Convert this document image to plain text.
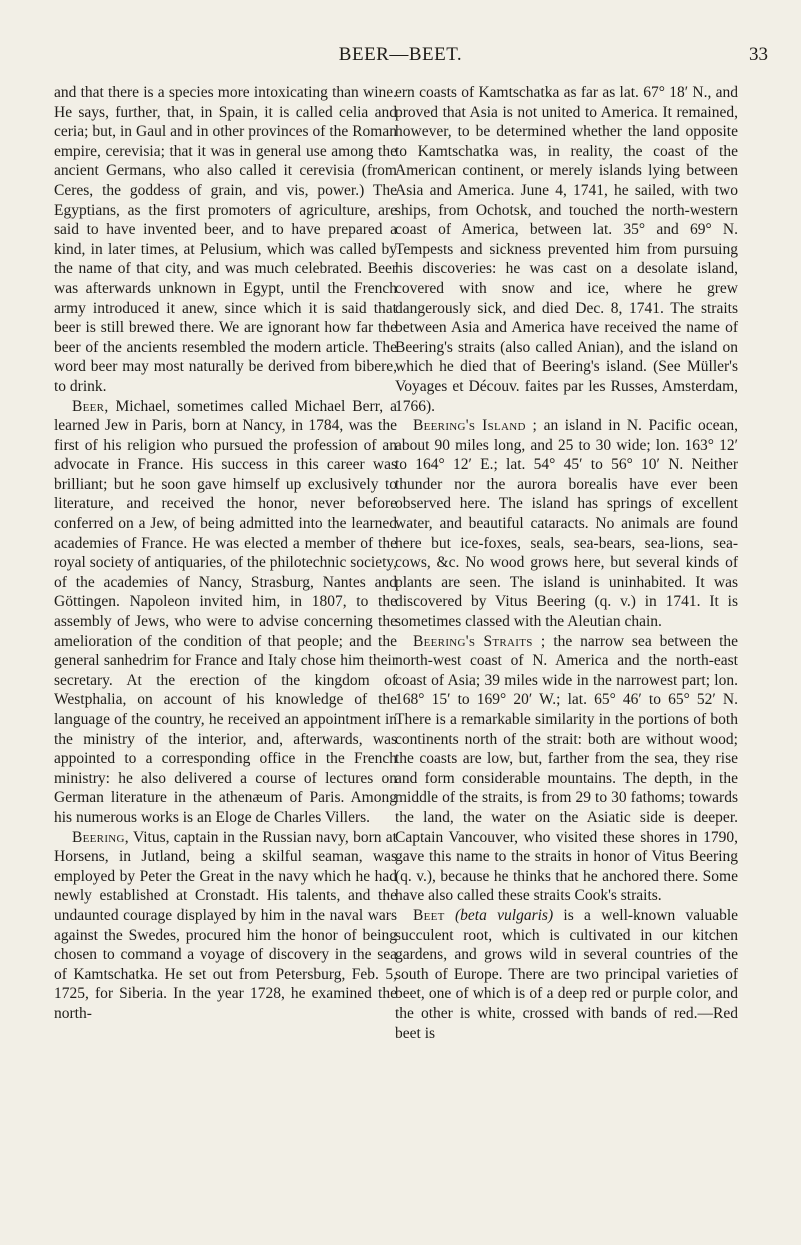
BEER—BEET.	33

and that there is a species more intoxicating than wine. He says, further, that, in Spain, it is called celia and ceria; but, in Gaul and in other provinces of the Roman empire, cerevisia; that it was in general use among the ancient Germans, who also called it cerevisia (from Ceres, the goddess of grain, and vis, power.) The Egyptians, as the first promoters of agriculture, are said to have invented beer, and to have prepared a kind, in later times, at Pelusium, which was called by the name of that city, and was much celebrated. Beer was afterwards unknown in Egypt, until the French army introduced it anew, since which it is said that beer is still brewed there. We are ignorant how far the beer of the ancients resembled the modern article. The word beer may most naturally be derived from bibere, to drink.

Beer, Michael, sometimes called Michael Berr, a learned Jew in Paris, born at Nancy, in 1784, was the first of his religion who pursued the profession of an advocate in France. His success in this career was brilliant; but he soon gave himself up exclusively to literature, and received the honor, never before conferred on a Jew, of being admitted into the learned academies of France. He was elected a member of the royal society of antiquaries, of the philotechnic society, of the academies of Nancy, Strasburg, Nantes and Göttingen. Napoleon invited him, in 1807, to the assembly of Jews, who were to advise concerning the amelioration of the condition of that people; and the general sanhedrim for France and Italy chose him their secretary. At the erection of the kingdom of Westphalia, on account of his knowledge of the language of the country, he received an appointment in the ministry of the interior, and, afterwards, was appointed to a corresponding office in the French ministry: he also delivered a course of lectures on German literature in the athenæum of Paris. Among his numerous works is an Eloge de Charles Villers.

Beering, Vitus, captain in the Russian navy, born at Horsens, in Jutland, being a skilful seaman, was employed by Peter the Great in the navy which he had newly established at Cronstadt. His talents, and the undaunted courage displayed by him in the naval wars against the Swedes, procured him the honor of being chosen to command a voyage of discovery in the sea of Kamtschatka. He set out from Petersburg, Feb. 5, 1725, for Siberia. In the year 1728, he examined the north-

ern coasts of Kamtschatka as far as lat. 67° 18′ N., and proved that Asia is not united to America. It remained, however, to be determined whether the land opposite to Kamtschatka was, in reality, the coast of the American continent, or merely islands lying between Asia and America. June 4, 1741, he sailed, with two ships, from Ochotsk, and touched the north-western coast of America, between lat. 35° and 69° N. Tempests and sickness prevented him from pursuing his discoveries: he was cast on a desolate island, covered with snow and ice, where he grew dangerously sick, and died Dec. 8, 1741. The straits between Asia and America have received the name of Beering's straits (also called Anian), and the island on which he died that of Beering's island. (See Müller's Voyages et Découv. faites par les Russes, Amsterdam, 1766).

Beering's Island ; an island in N. Pacific ocean, about 90 miles long, and 25 to 30 wide; lon. 163° 12′ to 164° 12′ E.; lat. 54° 45′ to 56° 10′ N. Neither thunder nor the aurora borealis have ever been observed here. The island has springs of excellent water, and beautiful cataracts. No animals are found here but ice-foxes, seals, sea-bears, sea-lions, sea-cows, &c. No wood grows here, but several kinds of plants are seen. The island is uninhabited. It was discovered by Vitus Beering (q. v.) in 1741. It is sometimes classed with the Aleutian chain.

Beering's Straits ; the narrow sea between the north-west coast of N. America and the north-east coast of Asia; 39 miles wide in the narrowest part; lon. 168° 15′ to 169° 20′ W.; lat. 65° 46′ to 65° 52′ N. There is a remarkable similarity in the portions of both continents north of the strait: both are without wood; the coasts are low, but, farther from the sea, they rise and form considerable mountains. The depth, in the middle of the straits, is from 29 to 30 fathoms; towards the land, the water on the Asiatic side is deeper. Captain Vancouver, who visited these shores in 1790, gave this name to the straits in honor of Vitus Beering (q. v.), because he thinks that he anchored there. Some have also called these straits Cook's straits.

Beet (beta vulgaris) is a well-known valuable succulent root, which is cultivated in our kitchen gardens, and grows wild in several countries of the south of Europe. There are two principal varieties of beet, one of which is of a deep red or purple color, and the other is white, crossed with bands of red.—Red beet is
